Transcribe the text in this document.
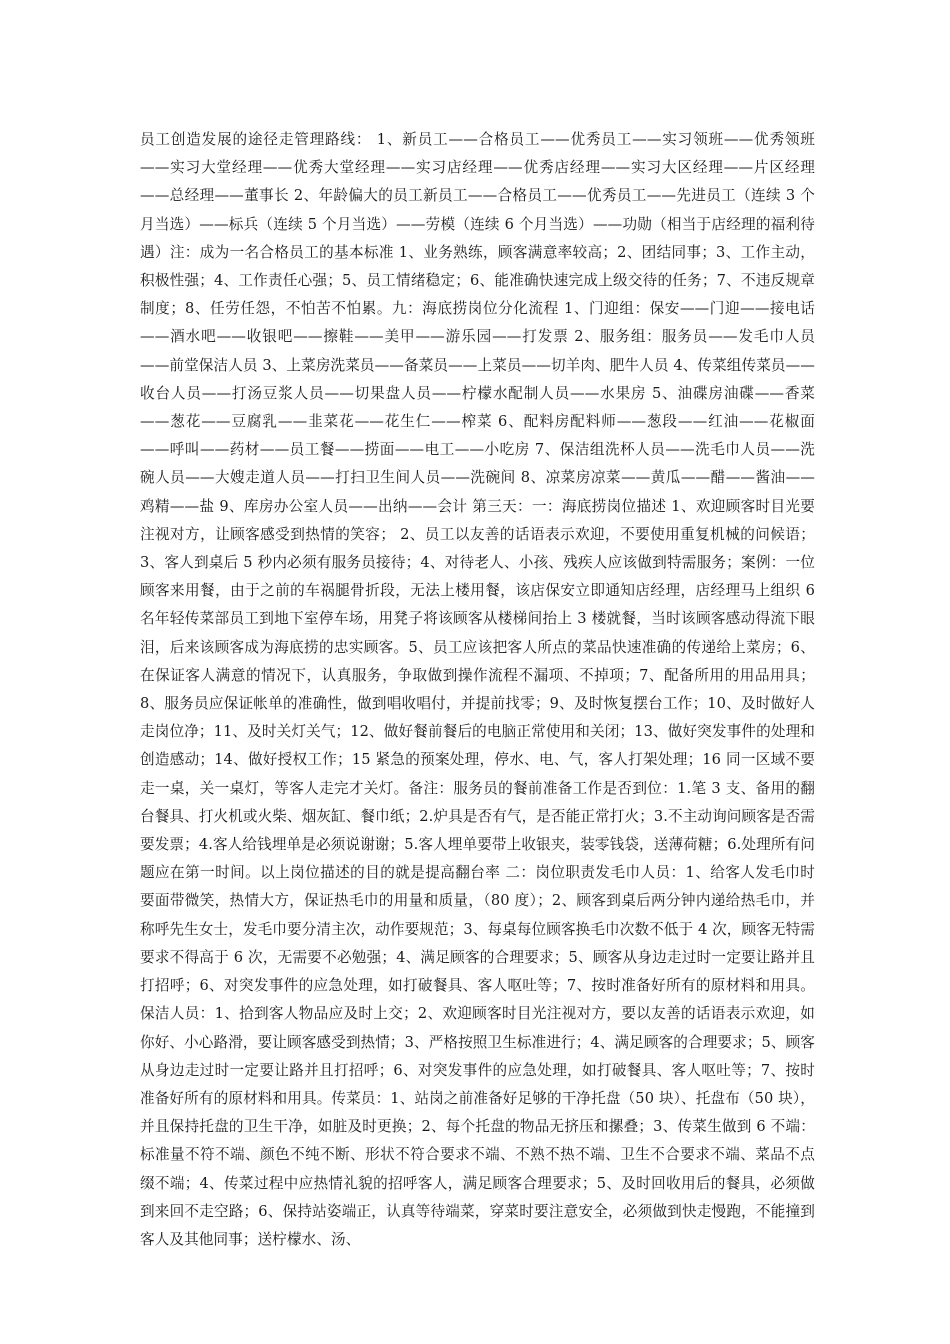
员工创造发展的途径走管理路线： 1、新员工——合格员工——优秀员工——实习领班——优秀领班——实习大堂经理——优秀大堂经理——实习店经理——优秀店经理——实习大区经理——片区经理——总经理——董事长 2、年龄偏大的员工新员工——合格员工——优秀员工——先进员工（连续 3 个月当选）——标兵（连续 5 个月当选）——劳模（连续 6 个月当选）——功勋（相当于店经理的福利待遇）注：成为一名合格员工的基本标准 1、业务熟练，顾客满意率较高；2、团结同事；3、工作主动，积极性强；4、工作责任心强；5、员工情绪稳定；6、能准确快速完成上级交待的任务；7、不违反规章制度；8、任劳任怨，不怕苦不怕累。九：海底捞岗位分化流程 1、门迎组：保安——门迎——接电话——酒水吧——收银吧——擦鞋——美甲——游乐园——打发票 2、服务组：服务员——发毛巾人员——前堂保洁人员 3、上菜房洗菜员——备菜员——上菜员——切羊肉、肥牛人员 4、传菜组传菜员——收台人员——打汤豆浆人员——切果盘人员——柠檬水配制人员——水果房 5、油碟房油碟——香菜——葱花——豆腐乳——韭菜花——花生仁——榨菜 6、配料房配料师——葱段——红油——花椒面——呼叫——药材——员工餐——捞面——电工——小吃房 7、保洁组洗杯人员——洗毛巾人员——洗碗人员——大嫂走道人员——打扫卫生间人员——洗碗间 8、凉菜房凉菜——黄瓜——醋——酱油——鸡精——盐 9、库房办公室人员——出纳——会计 第三天：一：海底捞岗位描述 1、欢迎顾客时目光要注视对方，让顾客感受到热情的笑容； 2、员工以友善的话语表示欢迎，不要使用重复机械的问候语；3、客人到桌后 5 秒内必须有服务员接待；4、对待老人、小孩、残疾人应该做到特需服务；案例：一位顾客来用餐，由于之前的车祸腿骨折段，无法上楼用餐，该店保安立即通知店经理，店经理马上组织 6 名年轻传菜部员工到地下室停车场，用凳子将该顾客从楼梯间抬上 3 楼就餐，当时该顾客感动得流下眼泪，后来该顾客成为海底捞的忠实顾客。5、员工应该把客人所点的菜品快速准确的传递给上菜房；6、在保证客人满意的情况下，认真服务，争取做到操作流程不漏项、不掉项；7、配备所用的用品用具；8、服务员应保证帐单的准确性，做到唱收唱付，并提前找零；9、及时恢复摆台工作；10、及时做好人走岗位净；11、及时关灯关气；12、做好餐前餐后的电脑正常使用和关闭；13、做好突发事件的处理和创造感动；14、做好授权工作；15 紧急的预案处理，停水、电、气，客人打架处理；16 同一区域不要走一桌，关一桌灯，等客人走完才关灯。备注：服务员的餐前准备工作是否到位：1.笔 3 支、备用的翻台餐具、打火机或火柴、烟灰缸、餐巾纸；2.炉具是否有气，是否能正常打火；3.不主动询问顾客是否需要发票；4.客人给钱埋单是必须说谢谢；5.客人埋单要带上收银夹，装零钱袋，送薄荷糖；6.处理所有问题应在第一时间。以上岗位描述的目的就是提高翻台率 二：岗位职责发毛巾人员：1、给客人发毛巾时要面带微笑，热情大方，保证热毛巾的用量和质量，（80 度）；2、顾客到桌后两分钟内递给热毛巾，并称呼先生女士，发毛巾要分清主次，动作要规范；3、每桌每位顾客换毛巾次数不低于 4 次，顾客无特需要求不得高于 6 次，无需要不必勉强；4、满足顾客的合理要求；5、顾客从身边走过时一定要让路并且打招呼；6、对突发事件的应急处理，如打破餐具、客人呕吐等；7、按时准备好所有的原材料和用具。保洁人员：1、拾到客人物品应及时上交；2、欢迎顾客时目光注视对方，要以友善的话语表示欢迎，如你好、小心路滑，要让顾客感受到热情；3、严格按照卫生标准进行；4、满足顾客的合理要求；5、顾客从身边走过时一定要让路并且打招呼；6、对突发事件的应急处理，如打破餐具、客人呕吐等；7、按时准备好所有的原材料和用具。传菜员：1、站岗之前准备好足够的干净托盘（50 块）、托盘布（50 块），并且保持托盘的卫生干净，如脏及时更换；2、每个托盘的物品无挤压和摞叠；3、传菜生做到 6 不端：标准量不符不端、颜色不纯不断、形状不符合要求不端、不熟不热不端、卫生不合要求不端、菜品不点缀不端；4、传菜过程中应热情礼貌的招呼客人，满足顾客合理要求；5、及时回收用后的餐具，必须做到来回不走空路；6、保持站姿端正，认真等待端菜，穿菜时要注意安全，必须做到快走慢跑，不能撞到客人及其他同事；送柠檬水、汤、
